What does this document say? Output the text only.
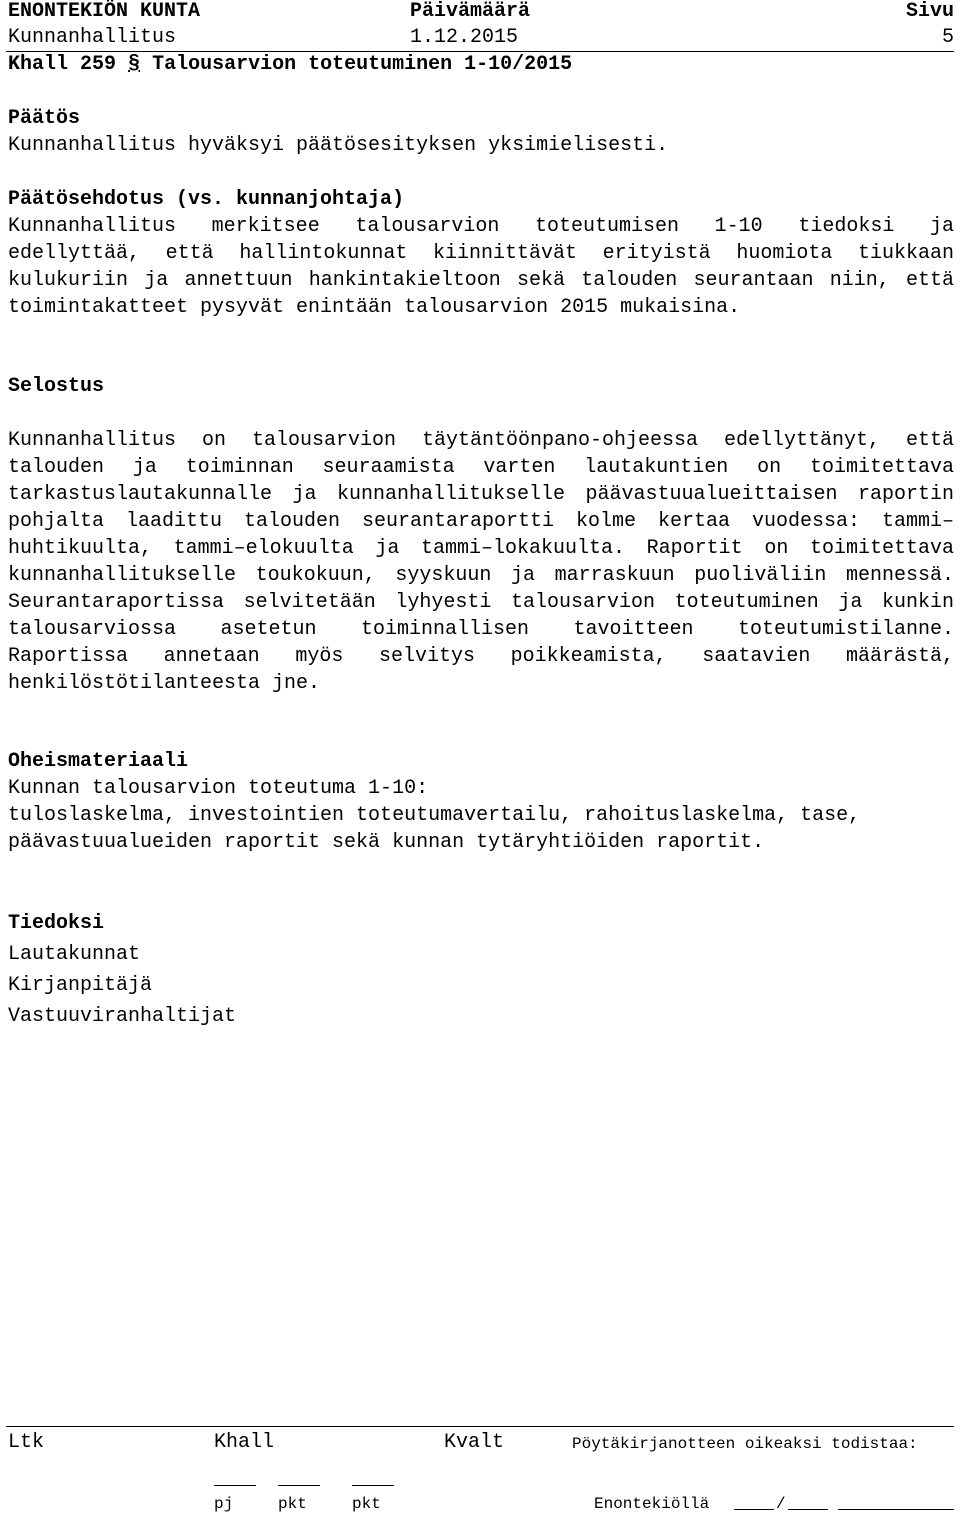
ENONTEKIÖN KUNTA	Päivämäärä	Sivu
Kunnanhallitus	1.12.2015	5
Khall 259 § Talousarvion toteutuminen 1-10/2015
Päätös
Kunnanhallitus hyväksyi päätösesityksen yksimielisesti.
Päätösehdotus (vs. kunnanjohtaja)
Kunnanhallitus merkitsee talousarvion toteutumisen 1-10 tiedoksi ja edellyttää, että hallintokunnat kiinnittävät erityistä huomiota tiukkaan kulukuriin ja annettuun hankintakieltoon sekä talouden seurantaan niin, että toimintakatteet pysyvät enintään talousarvion 2015 mukaisina.
Selostus
Kunnanhallitus on talousarvion täytäntöönpano-ohjeessa edellyttänyt, että talouden ja toiminnan seuraamista varten lautakuntien on toimitettava tarkastuslautakunnalle ja kunnanhallitukselle päävastuualueittaisen raportin pohjalta laadittu talouden seurantaraportti kolme kertaa vuodessa: tammi–huhtikuulta, tammi–elokuulta ja tammi–lokakuulta. Raportit on toimitettava kunnanhallitukselle toukokuun, syyskuun ja marraskuun puoliväliin mennessä. Seurantaraportissa selvitetään lyhyesti talousarvion toteutuminen ja kunkin talousarviossa asetetun toiminnallisen tavoitteen toteutumistilanne. Raportissa annetaan myös selvitys poikkeamista, saatavien määrästä, henkilöstötilanteesta jne.
Oheismateriaali
Kunnan talousarvion toteutuma 1-10:
tuloslaskelma, investointien toteutumavertailu, rahoituslaskelma, tase, päävastuualueiden raportit sekä kunnan tytäryhtiöiden raportit.
Tiedoksi
Lautakunnat
Kirjanpitäjä
Vastuuviranhaltijat
Ltk	Khall	Kvalt	Pöytäkirjanotteen oikeaksi todistaa:
pj	pkt	pkt	Enontekiöllä	/
